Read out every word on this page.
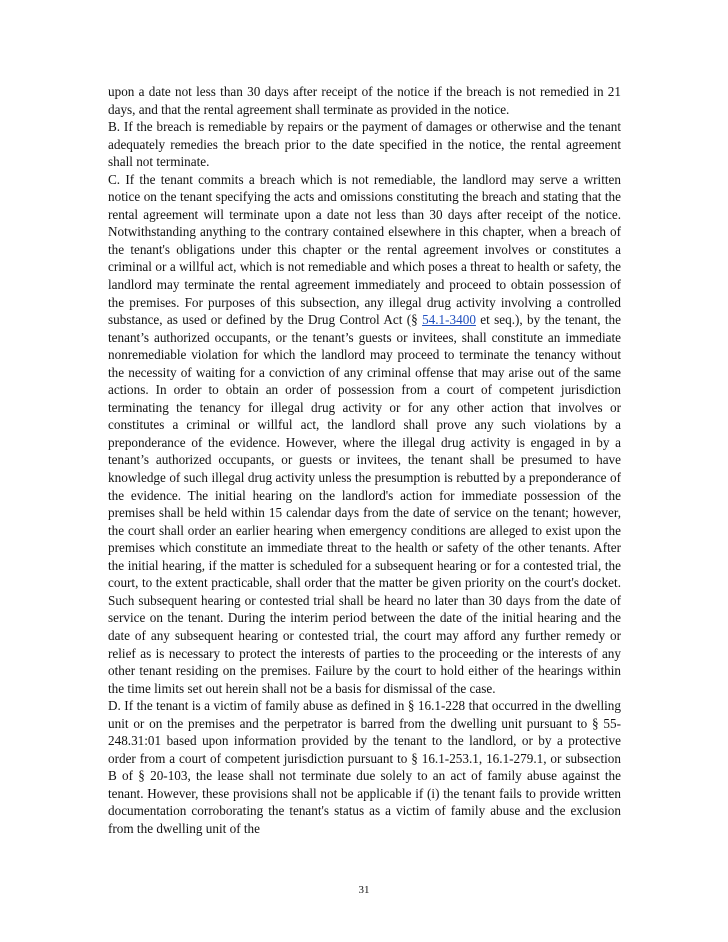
upon a date not less than 30 days after receipt of the notice if the breach is not remedied in 21 days, and that the rental agreement shall terminate as provided in the notice.

B. If the breach is remediable by repairs or the payment of damages or otherwise and the tenant adequately remedies the breach prior to the date specified in the notice, the rental agreement shall not terminate.

C. If the tenant commits a breach which is not remediable, the landlord may serve a written notice on the tenant specifying the acts and omissions constituting the breach and stating that the rental agreement will terminate upon a date not less than 30 days after receipt of the notice. Notwithstanding anything to the contrary contained elsewhere in this chapter, when a breach of the tenant's obligations under this chapter or the rental agreement involves or constitutes a criminal or a willful act, which is not remediable and which poses a threat to health or safety, the landlord may terminate the rental agreement immediately and proceed to obtain possession of the premises. For purposes of this subsection, any illegal drug activity involving a controlled substance, as used or defined by the Drug Control Act (§ 54.1-3400 et seq.), by the tenant, the tenant’s authorized occupants, or the tenant’s guests or invitees, shall constitute an immediate nonremediable violation for which the landlord may proceed to terminate the tenancy without the necessity of waiting for a conviction of any criminal offense that may arise out of the same actions. In order to obtain an order of possession from a court of competent jurisdiction terminating the tenancy for illegal drug activity or for any other action that involves or constitutes a criminal or willful act, the landlord shall prove any such violations by a preponderance of the evidence. However, where the illegal drug activity is engaged in by a tenant’s authorized occupants, or guests or invitees, the tenant shall be presumed to have knowledge of such illegal drug activity unless the presumption is rebutted by a preponderance of the evidence. The initial hearing on the landlord's action for immediate possession of the premises shall be held within 15 calendar days from the date of service on the tenant; however, the court shall order an earlier hearing when emergency conditions are alleged to exist upon the premises which constitute an immediate threat to the health or safety of the other tenants. After the initial hearing, if the matter is scheduled for a subsequent hearing or for a contested trial, the court, to the extent practicable, shall order that the matter be given priority on the court's docket. Such subsequent hearing or contested trial shall be heard no later than 30 days from the date of service on the tenant. During the interim period between the date of the initial hearing and the date of any subsequent hearing or contested trial, the court may afford any further remedy or relief as is necessary to protect the interests of parties to the proceeding or the interests of any other tenant residing on the premises. Failure by the court to hold either of the hearings within the time limits set out herein shall not be a basis for dismissal of the case.

D. If the tenant is a victim of family abuse as defined in § 16.1-228 that occurred in the dwelling unit or on the premises and the perpetrator is barred from the dwelling unit pursuant to § 55-248.31:01 based upon information provided by the tenant to the landlord, or by a protective order from a court of competent jurisdiction pursuant to § 16.1-253.1, 16.1-279.1, or subsection B of § 20-103, the lease shall not terminate due solely to an act of family abuse against the tenant. However, these provisions shall not be applicable if (i) the tenant fails to provide written documentation corroborating the tenant's status as a victim of family abuse and the exclusion from the dwelling unit of the

31
